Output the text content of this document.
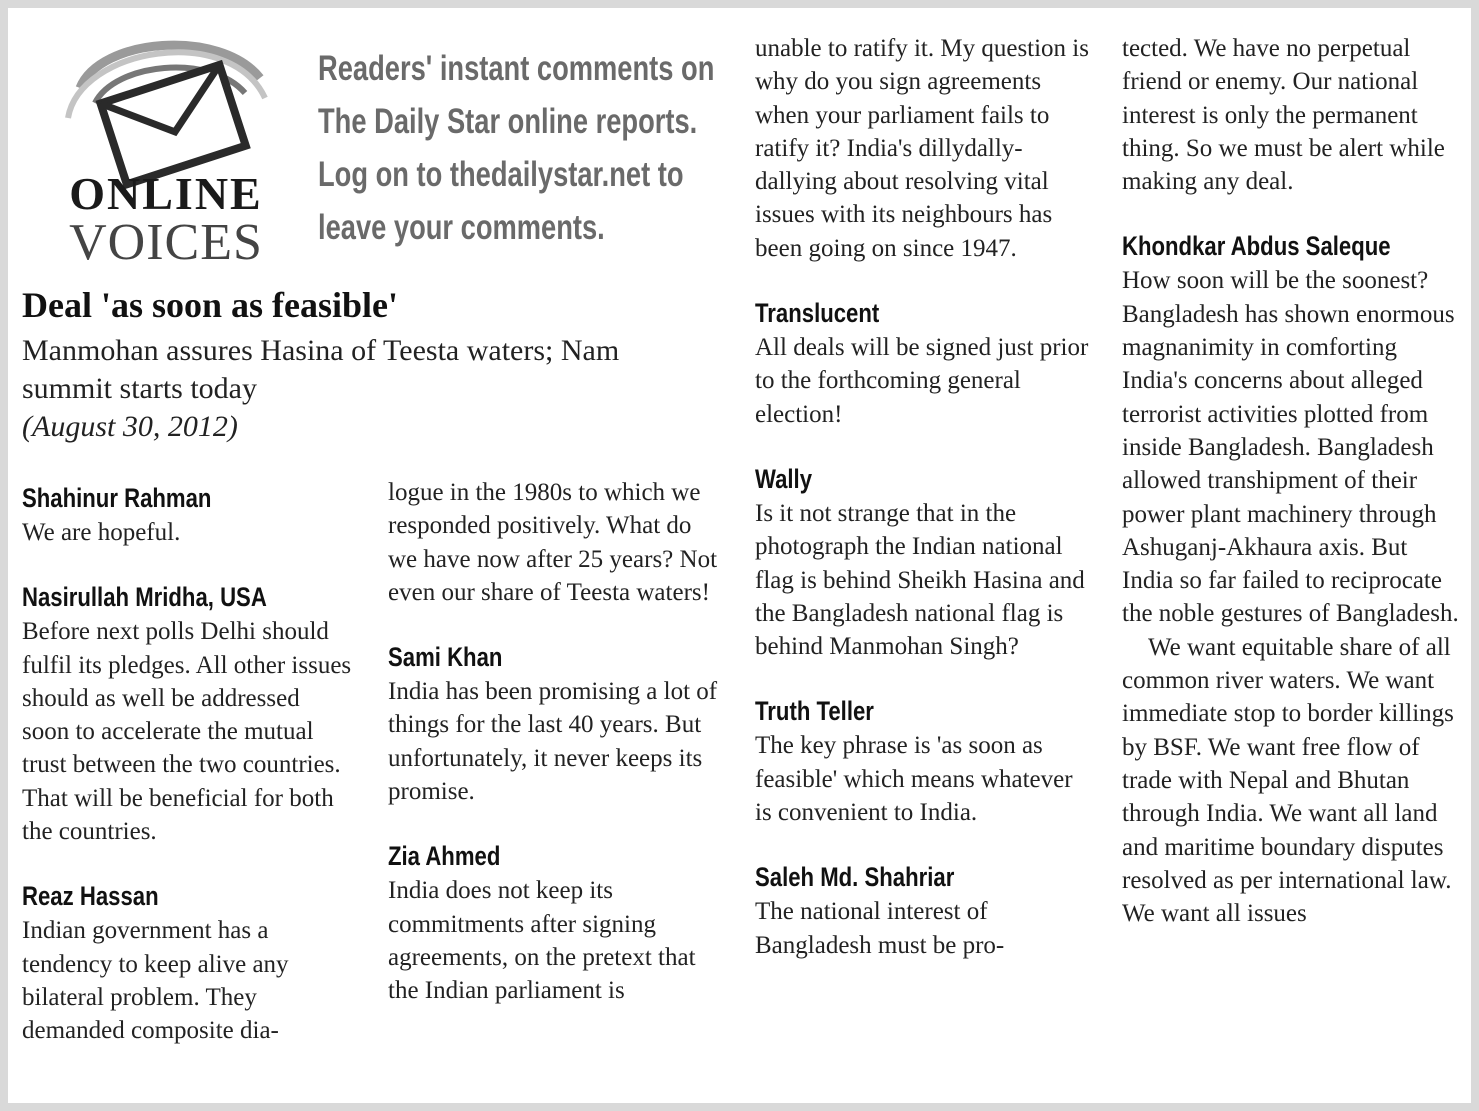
ONLINE
VOICES

Readers' instant comments on

The Daily Star online reports.

Log on to thedailystar.net to

leave your comments.

Deal 'as soon as feasible'

Manmohan assures Hasina of Teesta waters; Nam summit starts today

(August 30, 2012)

Shahinur Rahman

We are hopeful.

Nasirullah Mridha, USA

Before next polls Delhi should fulfil its pledges. All other issues should as well be addressed soon to accelerate the mutual trust between the two countries. That will be beneficial for both the countries.

Reaz Hassan

Indian government has a tendency to keep alive any bilateral problem. They demanded composite dia-

logue in the 1980s to which we responded positively. What do we have now after 25 years? Not even our share of Teesta waters!

Sami Khan

India has been promising a lot of things for the last 40 years. But unfortunately, it never keeps its promise.

Zia Ahmed

India does not keep its commitments after signing agreements, on the pretext that the Indian parliament is

unable to ratify it. My question is why do you sign agreements when your parliament fails to ratify it? India's dillydally-dallying about resolving vital issues with its neighbours has been going on since 1947.

Translucent

All deals will be signed just prior to the forthcoming general election!

Wally

Is it not strange that in the photograph the Indian national flag is behind Sheikh Hasina and the Bangladesh national flag is behind Manmohan Singh?

Truth Teller

The key phrase is 'as soon as feasible' which means whatever is convenient to India.

Saleh Md. Shahriar

The national interest of Bangladesh must be pro-

tected. We have no perpetual friend or enemy. Our national interest is only the permanent thing. So we must be alert while making any deal.

Khondkar Abdus Saleque

How soon will be the soonest? Bangladesh has shown enormous magnanimity in comforting India's concerns about alleged terrorist activities plotted from inside Bangladesh. Bangladesh allowed transhipment of their power plant machinery through Ashuganj-Akhaura axis. But India so far failed to reciprocate the noble gestures of Bangladesh.

We want equitable share of all common river waters. We want immediate stop to border killings by BSF. We want free flow of trade with Nepal and Bhutan through India. We want all land and maritime boundary disputes resolved as per international law. We want all issues
